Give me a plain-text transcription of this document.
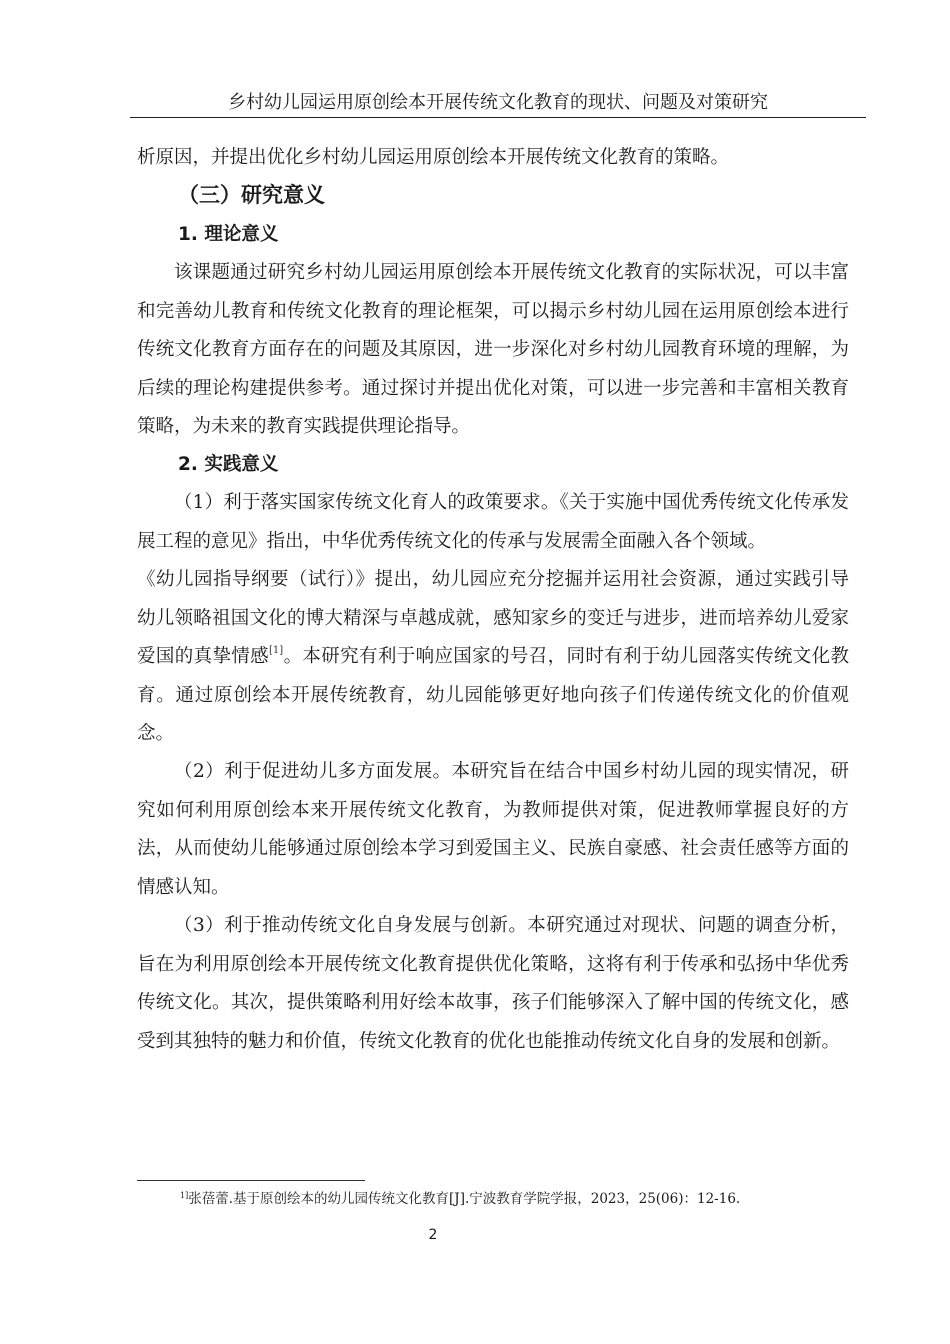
乡村幼儿园运用原创绘本开展传统文化教育的现状、问题及对策研究

析原因，并提出优化乡村幼儿园运用原创绘本开展传统文化教育的策略。

（三）研究意义
1. 理论意义

该课题通过研究乡村幼儿园运用原创绘本开展传统文化教育的实际状况，可以丰富和完善幼儿教育和传统文化教育的理论框架，可以揭示乡村幼儿园在运用原创绘本进行传统文化教育方面存在的问题及其原因，进一步深化对乡村幼儿园教育环境的理解，为后续的理论构建提供参考。通过探讨并提出优化对策，可以进一步完善和丰富相关教育策略，为未来的教育实践提供理论指导。

2. 实践意义

（1）利于落实国家传统文化育人的政策要求。《关于实施中国优秀传统文化传承发展工程的意见》指出，中华优秀传统文化的传承与发展需全面融入各个领域。

《幼儿园指导纲要（试行）》提出，幼儿园应充分挖掘并运用社会资源，通过实践引导幼儿领略祖国文化的博大精深与卓越成就，感知家乡的变迁与进步，进而培养幼儿爱家爱国的真挚情感[1]。本研究有利于响应国家的号召，同时有利于幼儿园落实传统文化教育。通过原创绘本开展传统教育，幼儿园能够更好地向孩子们传递传统文化的价值观念。

（2）利于促进幼儿多方面发展。本研究旨在结合中国乡村幼儿园的现实情况，研究如何利用原创绘本来开展传统文化教育，为教师提供对策，促进教师掌握良好的方法，从而使幼儿能够通过原创绘本学习到爱国主义、民族自豪感、社会责任感等方面的情感认知。

（3）利于推动传统文化自身发展与创新。本研究通过对现状、问题的调查分析，旨在为利用原创绘本开展传统文化教育提供优化策略，这将有利于传承和弘扬中华优秀传统文化。其次，提供策略利用好绘本故事，孩子们能够深入了解中国的传统文化，感受到其独特的魅力和价值，传统文化教育的优化也能推动传统文化自身的发展和创新。

$^{1]}$张蓓蕾.基于原创绘本的幼儿园传统文化教育[J].宁波教育学院学报，2023，25(06)：12-16.
2
